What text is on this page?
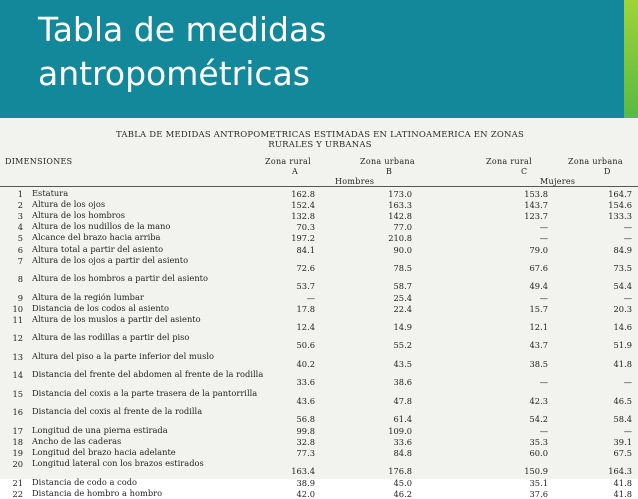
Tabla de medidas
antropométricas
TABLA DE MEDIDAS ANTROPOMETRICAS ESTIMADAS EN LATINOAMERICA EN ZONAS
RURALES Y URBANAS
DIMENSIONES	Zona rural	Zona urbana	Zona rural	Zona urbana
A	B	C	D
Hombres	Mujeres
1 Estatura	162.8	173.0	153.8	164.7
2 Altura de los ojos	152.4	163.3	143.7	154.6
3 Altura de los hombros	132.8	142.8	123.7	133.3
4 Altura de los nudillos de la mano	70.3	77.0	—	—
5 Alcance del brazo hacia arriba	197.2	210.8	—	—
6 Altura total a partir del asiento	84.1	90.0	79.0	84.9
7 Altura de los ojos a partir del asiento
72.6	78.5	67.6	73.5
8 Altura de los hombros a partir del asiento
53.7	58.7	49.4	54.4
9 Altura de la región lumbar	—	25.4	—	—
10 Distancia de los codos al asiento	17.8	22.4	15.7	20.3
11 Altura de los muslos a partir del asiento
12.4	14.9	12.1	14.6
12 Altura de las rodillas a partir del piso
50.6	55.2	43.7	51.9
13 Altura del piso a la parte inferior del muslo
40.2	43.5	38.5	41.8
14 Distancia del frente del abdomen al frente de la rodilla
33.6	38.6	—	—
15 Distancia del coxis a la parte trasera de la pantorrilla
43.6	47.8	42.3	46.5
16 Distancia del coxis al frente de la rodilla
56.8	61.4	54.2	58.4
17 Longitud de una pierna estirada	99.8	109.0	—	—
18 Ancho de las caderas	32.8	33.6	35.3	39.1
19 Longitud del brazo hacia adelante	77.3	84.8	60.0	67.5
20 Longitud lateral con los brazos estirados
163.4	176.8	150.9	164.3
21 Distancia de codo a codo	38.9	45.0	35.1	41.8
22 Distancia de hombro a hombro	42.0	46.2	37.6	41.8
